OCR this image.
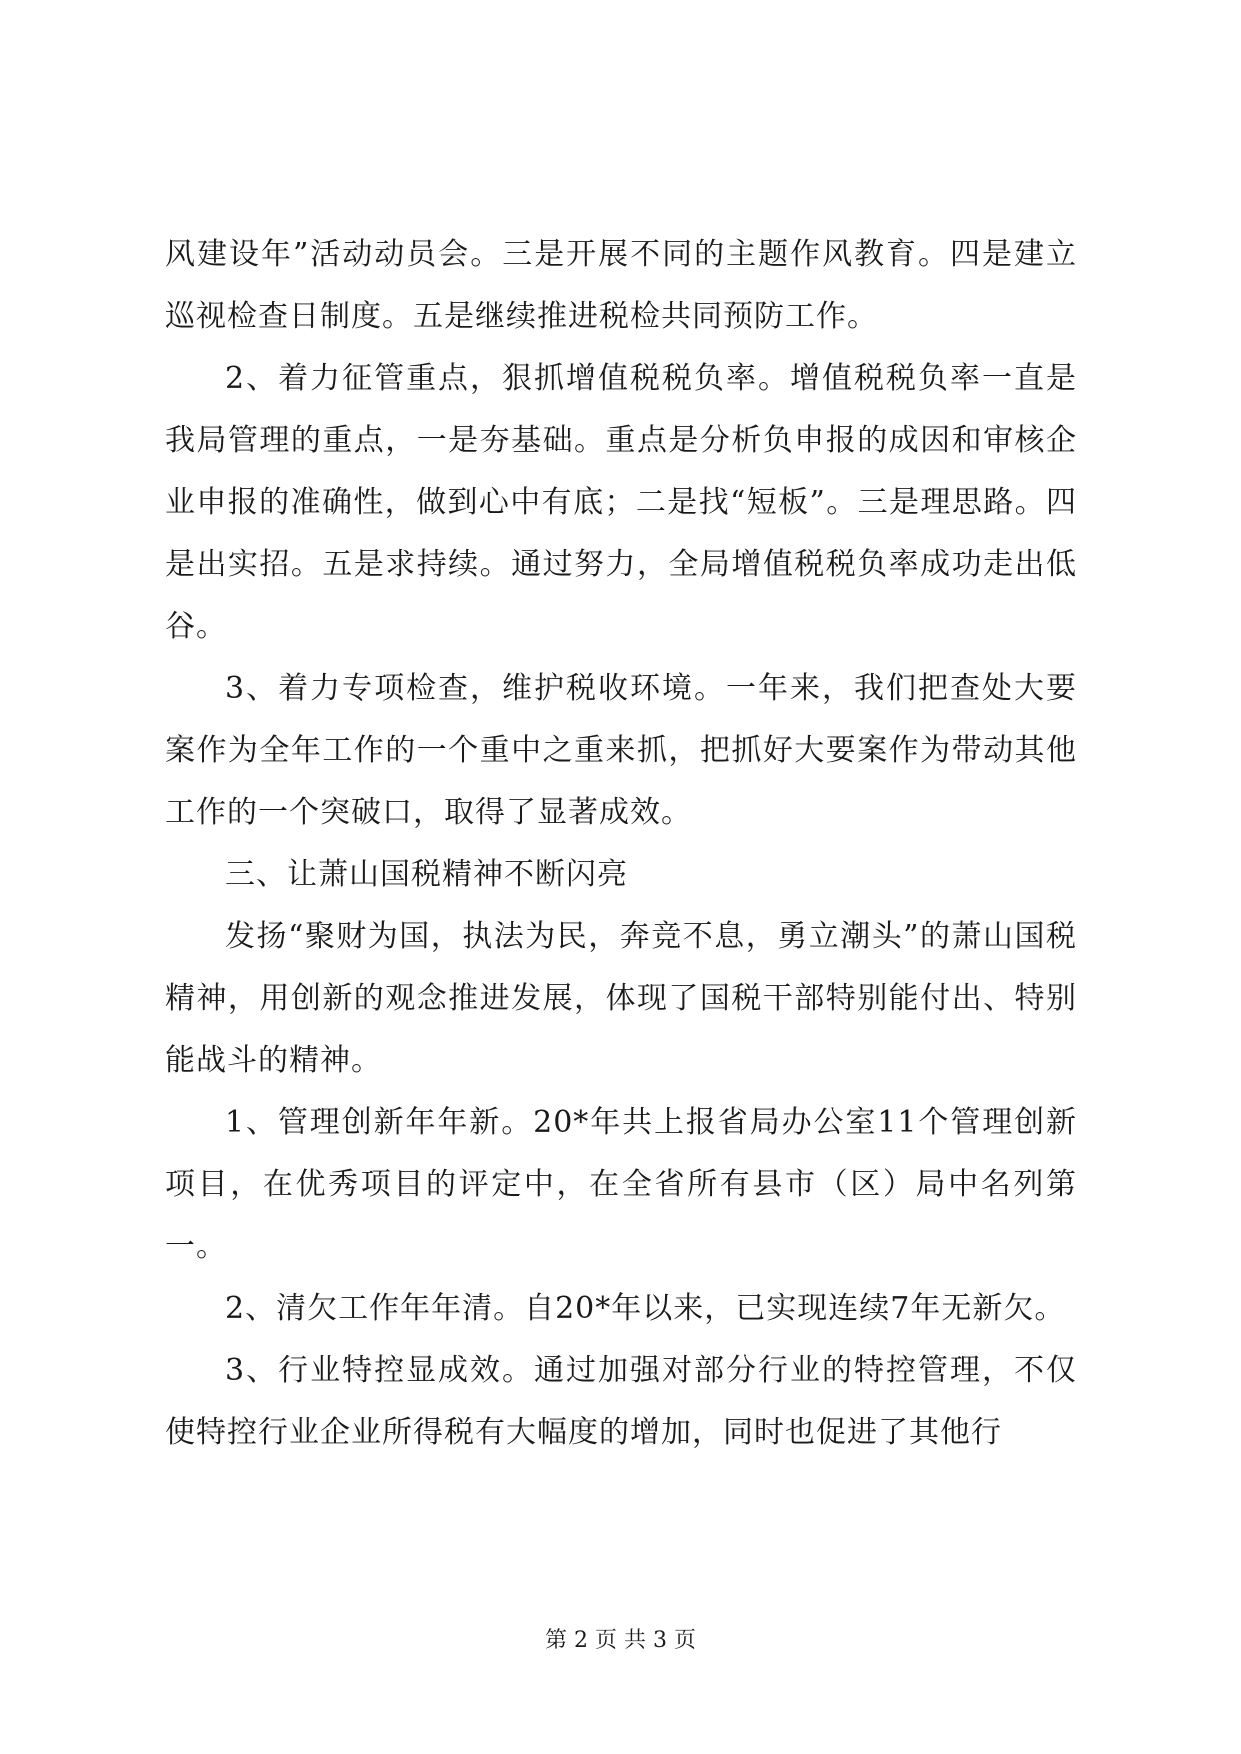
风建设年”活动动员会。三是开展不同的主题作风教育。四是建立巡视检查日制度。五是继续推进税检共同预防工作。

2、着力征管重点，狠抓增值税税负率。增值税税负率一直是我局管理的重点，一是夯基础。重点是分析负申报的成因和审核企业申报的准确性，做到心中有底；二是找“短板”。三是理思路。四是出实招。五是求持续。通过努力，全局增值税税负率成功走出低谷。

3、着力专项检查，维护税收环境。一年来，我们把查处大要案作为全年工作的一个重中之重来抓，把抓好大要案作为带动其他工作的一个突破口，取得了显著成效。

三、让萧山国税精神不断闪亮

发扬“聚财为国，执法为民，奔竞不息，勇立潮头”的萧山国税精神，用创新的观念推进发展，体现了国税干部特别能付出、特别能战斗的精神。

1、管理创新年年新。20*年共上报省局办公室11个管理创新项目，在优秀项目的评定中，在全省所有县市（区）局中名列第一。

2、清欠工作年年清。自20*年以来，已实现连续7年无新欠。

3、行业特控显成效。通过加强对部分行业的特控管理，不仅使特控行业企业所得税有大幅度的增加，同时也促进了其他行

第 2 页 共 3 页
